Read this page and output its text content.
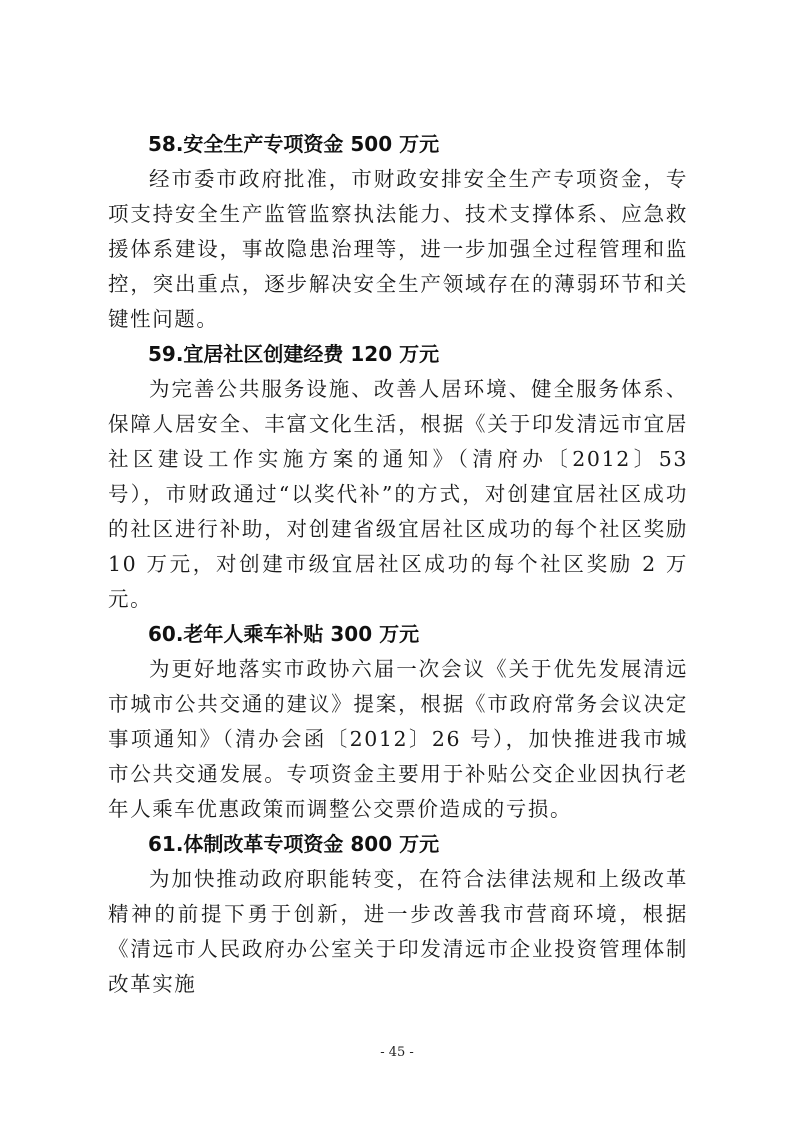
58.安全生产专项资金 500 万元

经市委市政府批准，市财政安排安全生产专项资金，专项支持安全生产监管监察执法能力、技术支撑体系、应急救援体系建设，事故隐患治理等，进一步加强全过程管理和监控，突出重点，逐步解决安全生产领域存在的薄弱环节和关键性问题。

59.宜居社区创建经费 120 万元

为完善公共服务设施、改善人居环境、健全服务体系、保障人居安全、丰富文化生活，根据《关于印发清远市宜居社区建设工作实施方案的通知》（清府办〔2012〕53 号），市财政通过“以奖代补”的方式，对创建宜居社区成功的社区进行补助，对创建省级宜居社区成功的每个社区奖励 10 万元，对创建市级宜居社区成功的每个社区奖励 2 万元。

60.老年人乘车补贴 300 万元

为更好地落实市政协六届一次会议《关于优先发展清远市城市公共交通的建议》提案，根据《市政府常务会议决定事项通知》（清办会函〔2012〕26 号），加快推进我市城市公共交通发展。专项资金主要用于补贴公交企业因执行老年人乘车优惠政策而调整公交票价造成的亏损。

61.体制改革专项资金 800 万元

为加快推动政府职能转变，在符合法律法规和上级改革精神的前提下勇于创新，进一步改善我市营商环境，根据《清远市人民政府办公室关于印发清远市企业投资管理体制改革实施

- 45 -
